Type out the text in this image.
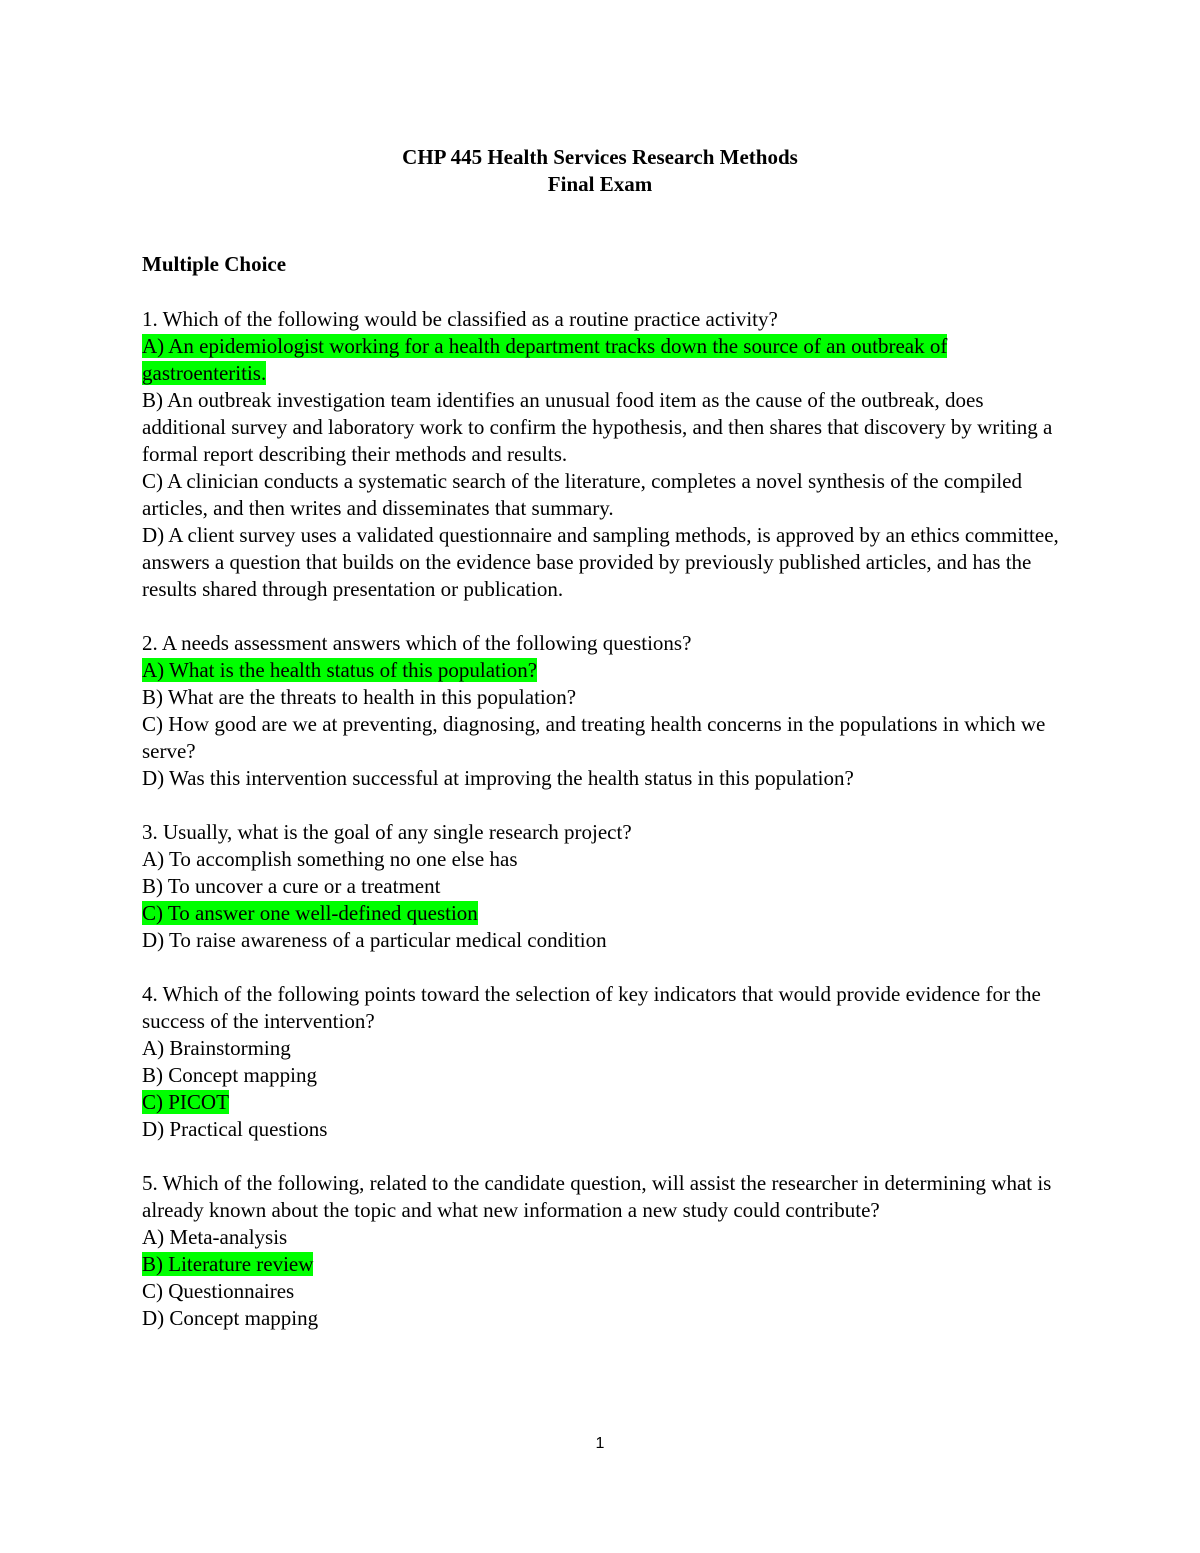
CHP 445 Health Services Research Methods
Final Exam
Multiple Choice
1. Which of the following would be classified as a routine practice activity?
A) An epidemiologist working for a health department tracks down the source of an outbreak of gastroenteritis.
B) An outbreak investigation team identifies an unusual food item as the cause of the outbreak, does additional survey and laboratory work to confirm the hypothesis, and then shares that discovery by writing a formal report describing their methods and results.
C) A clinician conducts a systematic search of the literature, completes a novel synthesis of the compiled articles, and then writes and disseminates that summary.
D) A client survey uses a validated questionnaire and sampling methods, is approved by an ethics committee, answers a question that builds on the evidence base provided by previously published articles, and has the results shared through presentation or publication.
2. A needs assessment answers which of the following questions?
A) What is the health status of this population?
B) What are the threats to health in this population?
C) How good are we at preventing, diagnosing, and treating health concerns in the populations in which we serve?
D) Was this intervention successful at improving the health status in this population?
3. Usually, what is the goal of any single research project?
A) To accomplish something no one else has
B) To uncover a cure or a treatment
C) To answer one well-defined question
D) To raise awareness of a particular medical condition
4. Which of the following points toward the selection of key indicators that would provide evidence for the success of the intervention?
A) Brainstorming
B) Concept mapping
C) PICOT
D) Practical questions
5. Which of the following, related to the candidate question, will assist the researcher in determining what is already known about the topic and what new information a new study could contribute?
A) Meta-analysis
B) Literature review
C) Questionnaires
D) Concept mapping
1
